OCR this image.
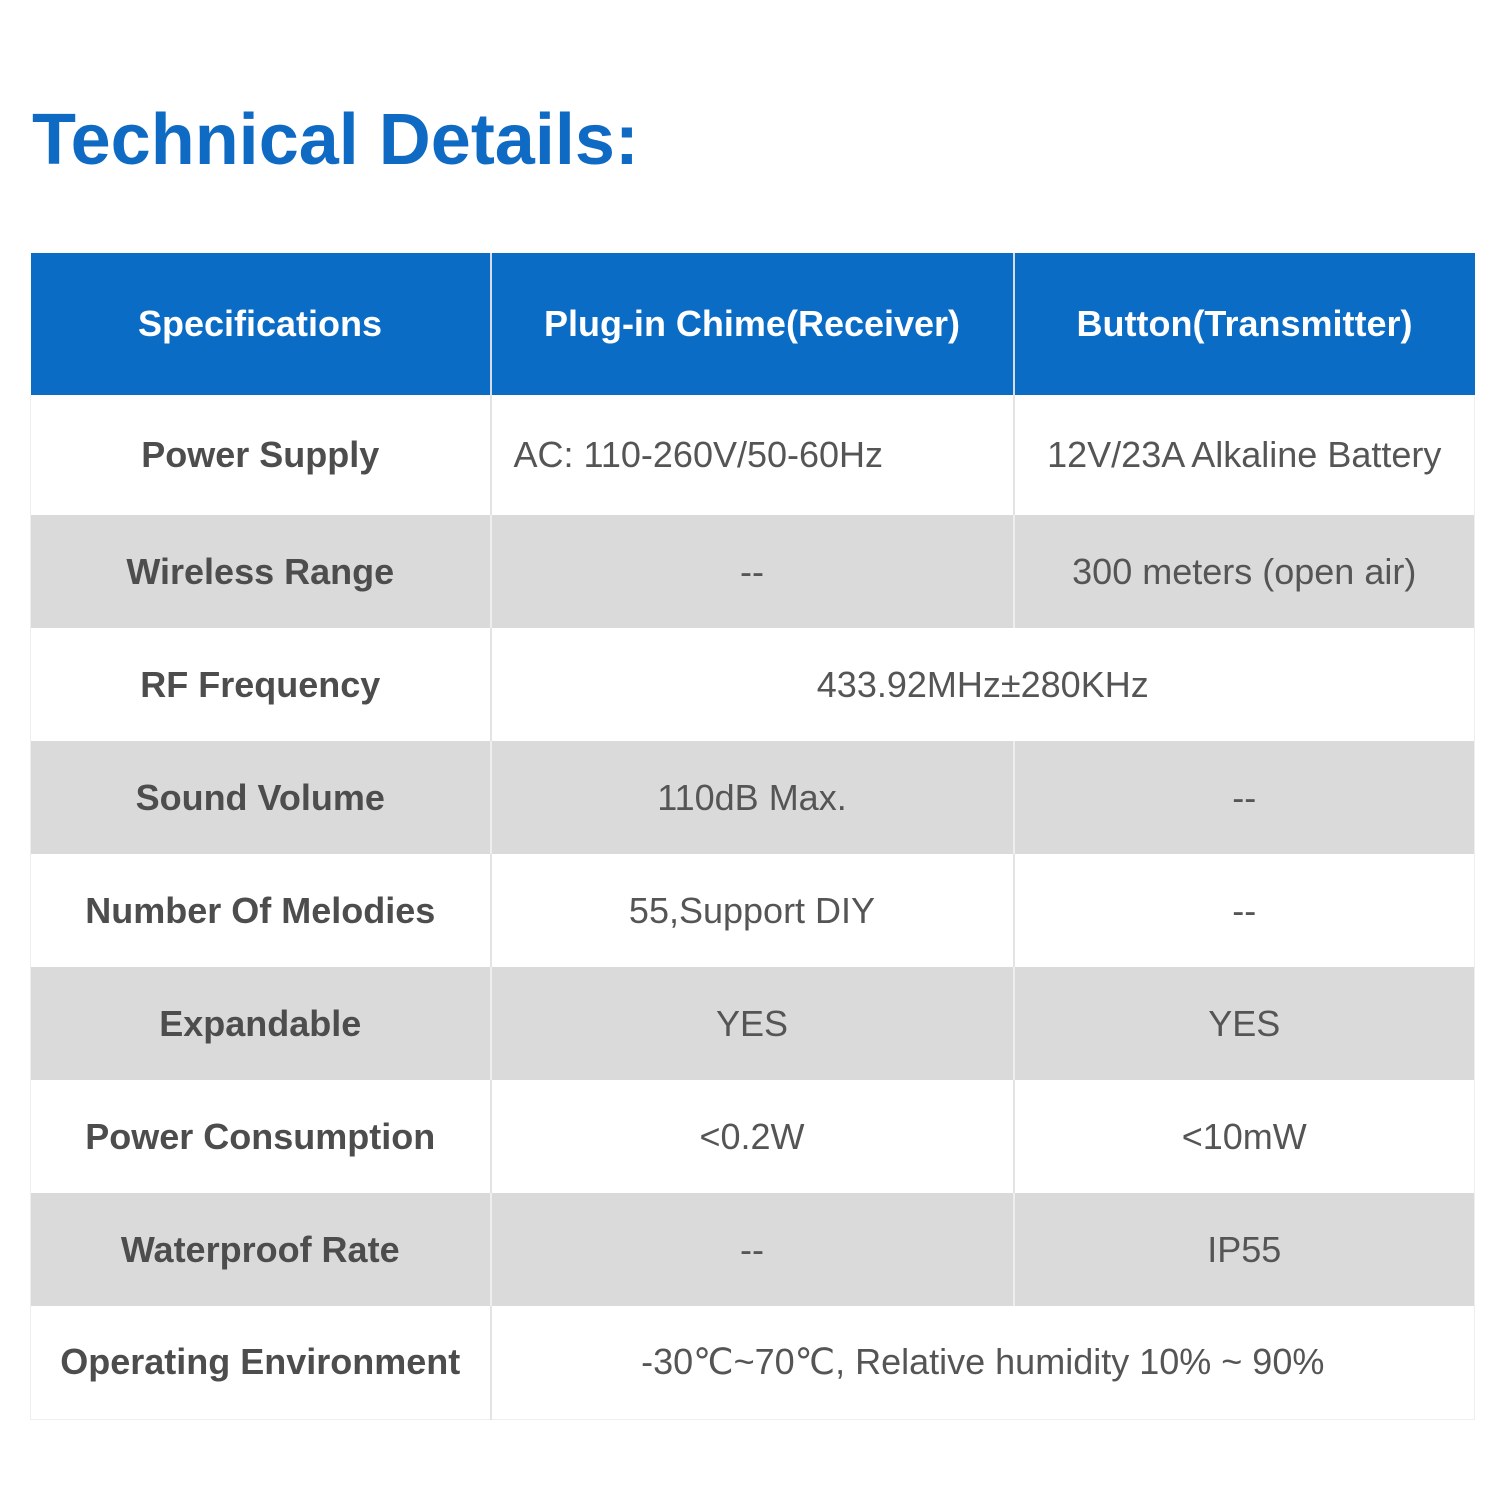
Technical Details:
Specifications	Plug-in Chime(Receiver)	Button(Transmitter)
Power Supply	AC: 110-260V/50-60Hz	12V/23A Alkaline Battery
Wireless Range	--	300 meters (open air)
RF Frequency	433.92MHz±280KHz	
Sound Volume	110dB Max.	--
Number Of Melodies	55,Support DIY	--
Expandable	YES	YES
Power Consumption	<0.2W	<10mW
Waterproof Rate	--	IP55
Operating Environment	-30℃~70℃, Relative humidity 10% ~ 90%	
